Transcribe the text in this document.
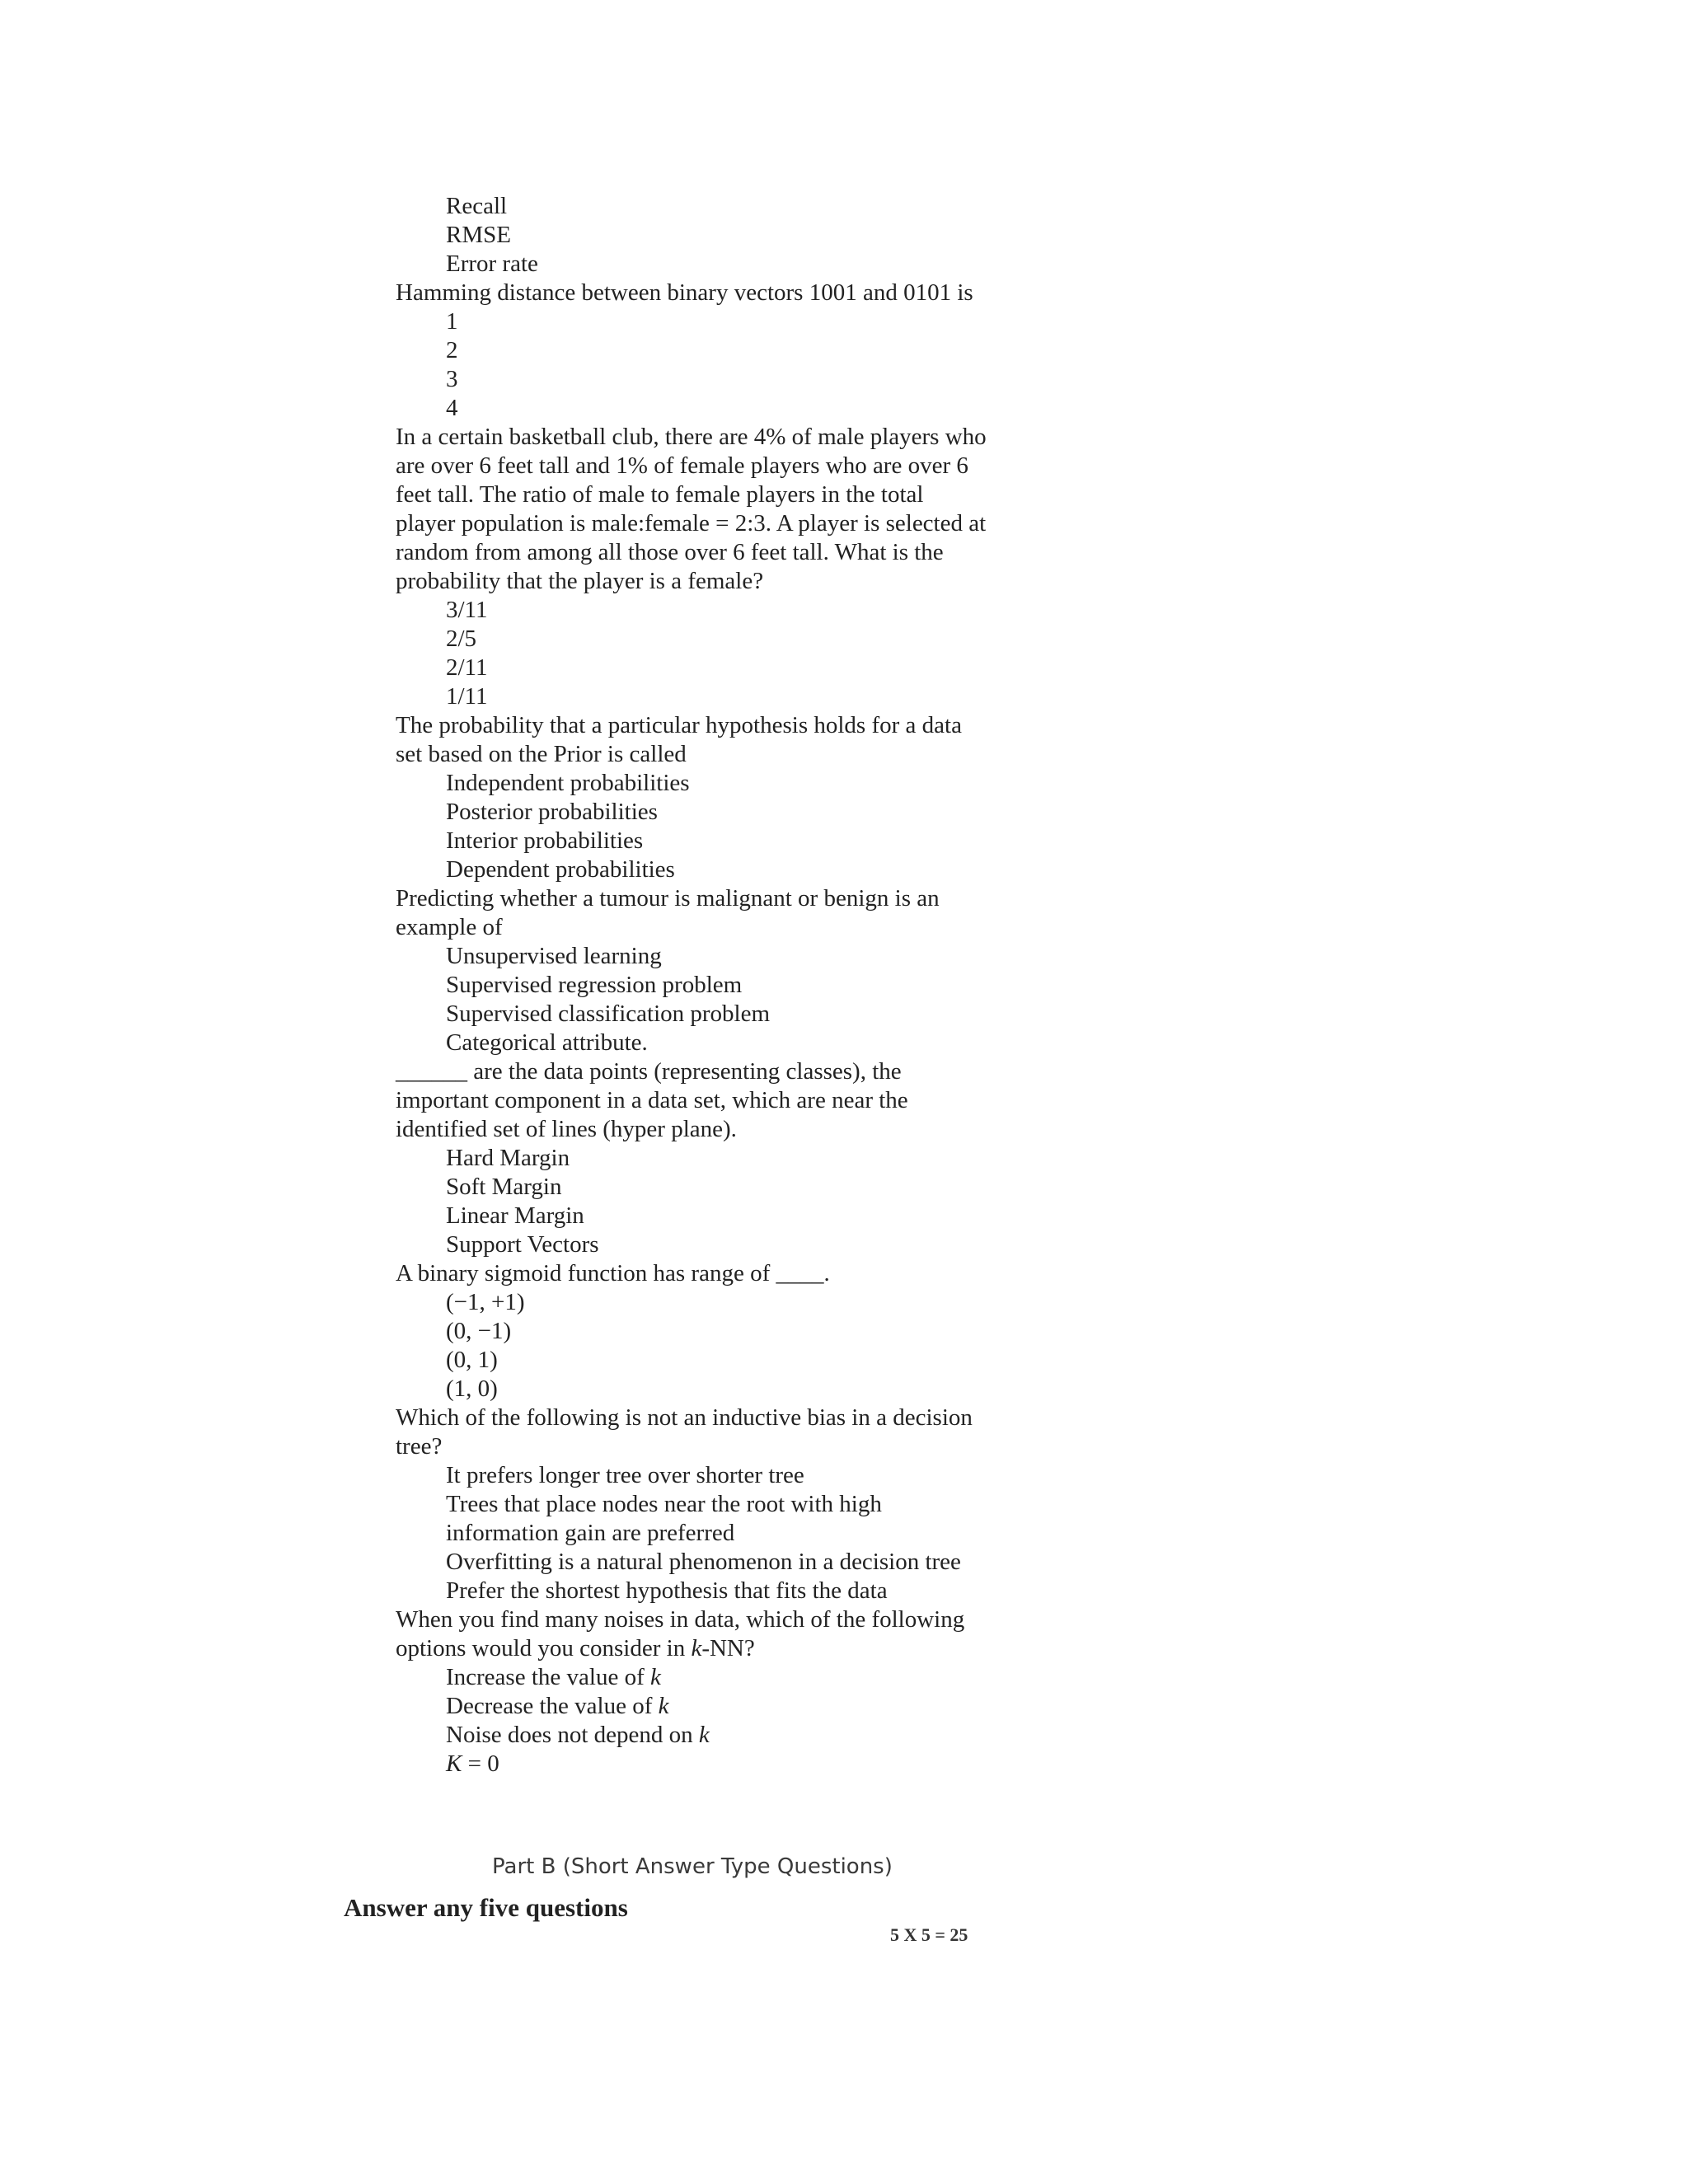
Recall
RMSE
Error rate
Hamming distance between binary vectors 1001 and 0101 is
1
2
3
4
In a certain basketball club, there are 4% of male players who are over 6 feet tall and 1% of female players who are over 6 feet tall. The ratio of male to female players in the total player population is male:female = 2:3. A player is selected at random from among all those over 6 feet tall. What is the probability that the player is a female?
3/11
2/5
2/11
1/11
The probability that a particular hypothesis holds for a data set based on the Prior is called
Independent probabilities
Posterior probabilities
Interior probabilities
Dependent probabilities
Predicting whether a tumour is malignant or benign is an example of
Unsupervised learning
Supervised regression problem
Supervised classification problem
Categorical attribute.
______ are the data points (representing classes), the important component in a data set, which are near the identified set of lines (hyper plane).
Hard Margin
Soft Margin
Linear Margin
Support Vectors
A binary sigmoid function has range of ____.
(−1, +1)
(0, −1)
(0, 1)
(1, 0)
Which of the following is not an inductive bias in a decision tree?
It prefers longer tree over shorter tree
Trees that place nodes near the root with high information gain are preferred
Overfitting is a natural phenomenon in a decision tree
Prefer the shortest hypothesis that fits the data
When you find many noises in data, which of the following options would you consider in k-NN?
Increase the value of k
Decrease the value of k
Noise does not depend on k
K = 0
Part B (Short Answer Type Questions)
Answer any five questions
5 X 5 = 25
